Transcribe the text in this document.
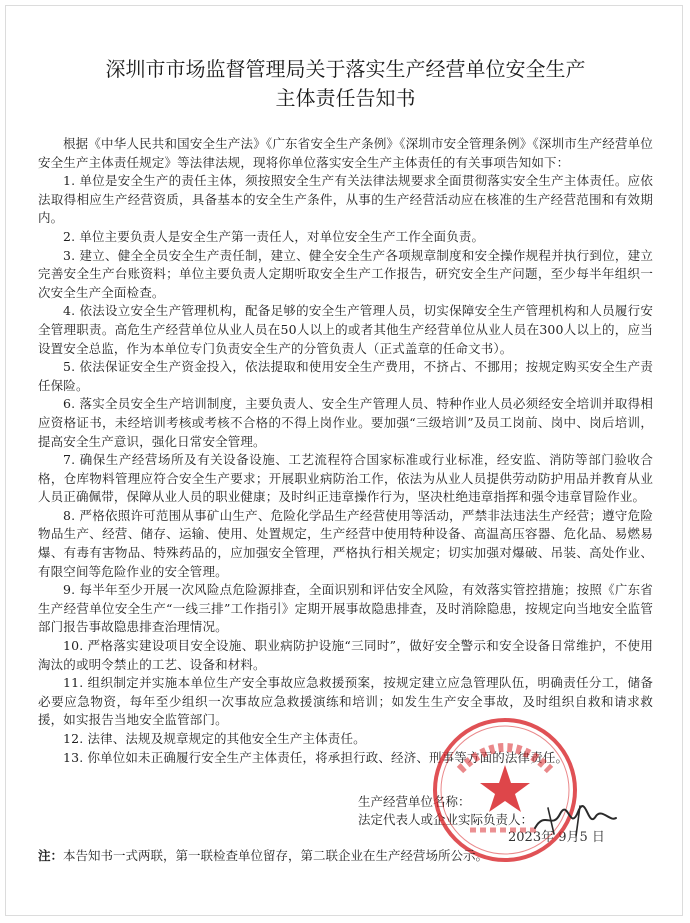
深圳市市场监督管理局关于落实生产经营单位安全生产
主体责任告知书

根据《中华人民共和国安全生产法》《广东省安全生产条例》《深圳市安全管理条例》《深圳市生产经营单位安全生产主体责任规定》等法律法规，现将你单位落实安全生产主体责任的有关事项告知如下：

1. 单位是安全生产的责任主体，须按照安全生产有关法律法规要求全面贯彻落实安全生产主体责任。应依法取得相应生产经营资质，具备基本的安全生产条件，从事的生产经营活动应在核准的生产经营范围和有效期内。

2. 单位主要负责人是安全生产第一责任人，对单位安全生产工作全面负责。

3. 建立、健全全员安全生产责任制，建立、健全安全生产各项规章制度和安全操作规程并执行到位，建立完善安全生产台账资料；单位主要负责人定期听取安全生产工作报告，研究安全生产问题，至少每半年组织一次安全生产全面检查。

4. 依法设立安全生产管理机构，配备足够的安全生产管理人员，切实保障安全生产管理机构和人员履行安全管理职责。高危生产经营单位从业人员在50人以上的或者其他生产经营单位从业人员在300人以上的，应当设置安全总监，作为本单位专门负责安全生产的分管负责人（正式盖章的任命文书）。

5. 依法保证安全生产资金投入，依法提取和使用安全生产费用，不挤占、不挪用；按规定购买安全生产责任保险。

6. 落实全员安全生产培训制度，主要负责人、安全生产管理人员、特种作业人员必须经安全培训并取得相应资格证书，未经培训考核或考核不合格的不得上岗作业。要加强“三级培训”及员工岗前、岗中、岗后培训，提高安全生产意识，强化日常安全管理。

7. 确保生产经营场所及有关设备设施、工艺流程符合国家标准或行业标准，经安监、消防等部门验收合格，仓库物料管理应符合安全生产要求；开展职业病防治工作，依法为从业人员提供劳动防护用品并教育从业人员正确佩带，保障从业人员的职业健康；及时纠正违章操作行为，坚决杜绝违章指挥和强令违章冒险作业。

8. 严格依照许可范围从事矿山生产、危险化学品生产经营使用等活动，严禁非法违法生产经营；遵守危险物品生产、经营、储存、运输、使用、处置规定，生产经营中使用特种设备、高温高压容器、危化品、易燃易爆、有毒有害物品、特殊药品的，应加强安全管理，严格执行相关规定；切实加强对爆破、吊装、高处作业、有限空间等危险作业的安全管理。

9. 每半年至少开展一次风险点危险源排查，全面识别和评估安全风险，有效落实管控措施；按照《广东省生产经营单位安全生产“一线三排”工作指引》定期开展事故隐患排查，及时消除隐患，按规定向当地安全监管部门报告事故隐患排查治理情况。

10. 严格落实建设项目安全设施、职业病防护设施“三同时”，做好安全警示和安全设备日常维护，不使用淘汰的或明令禁止的工艺、设备和材料。

11. 组织制定并实施本单位生产安全事故应急救援预案，按规定建立应急管理队伍，明确责任分工，储备必要应急物资，每年至少组织一次事故应急救援演练和培训；如发生生产安全事故，及时组织自救和请求救援，如实报告当地安全监管部门。

12. 法律、法规及规章规定的其他安全生产主体责任。

13. 你单位如未正确履行安全生产主体责任，将承担行政、经济、刑事等方面的法律责任。

生产经营单位名称：
法定代表人或企业实际负责人：
2023年 9月5 日
注：本告知书一式两联，第一联检查单位留存，第二联企业在生产经营场所公示。
